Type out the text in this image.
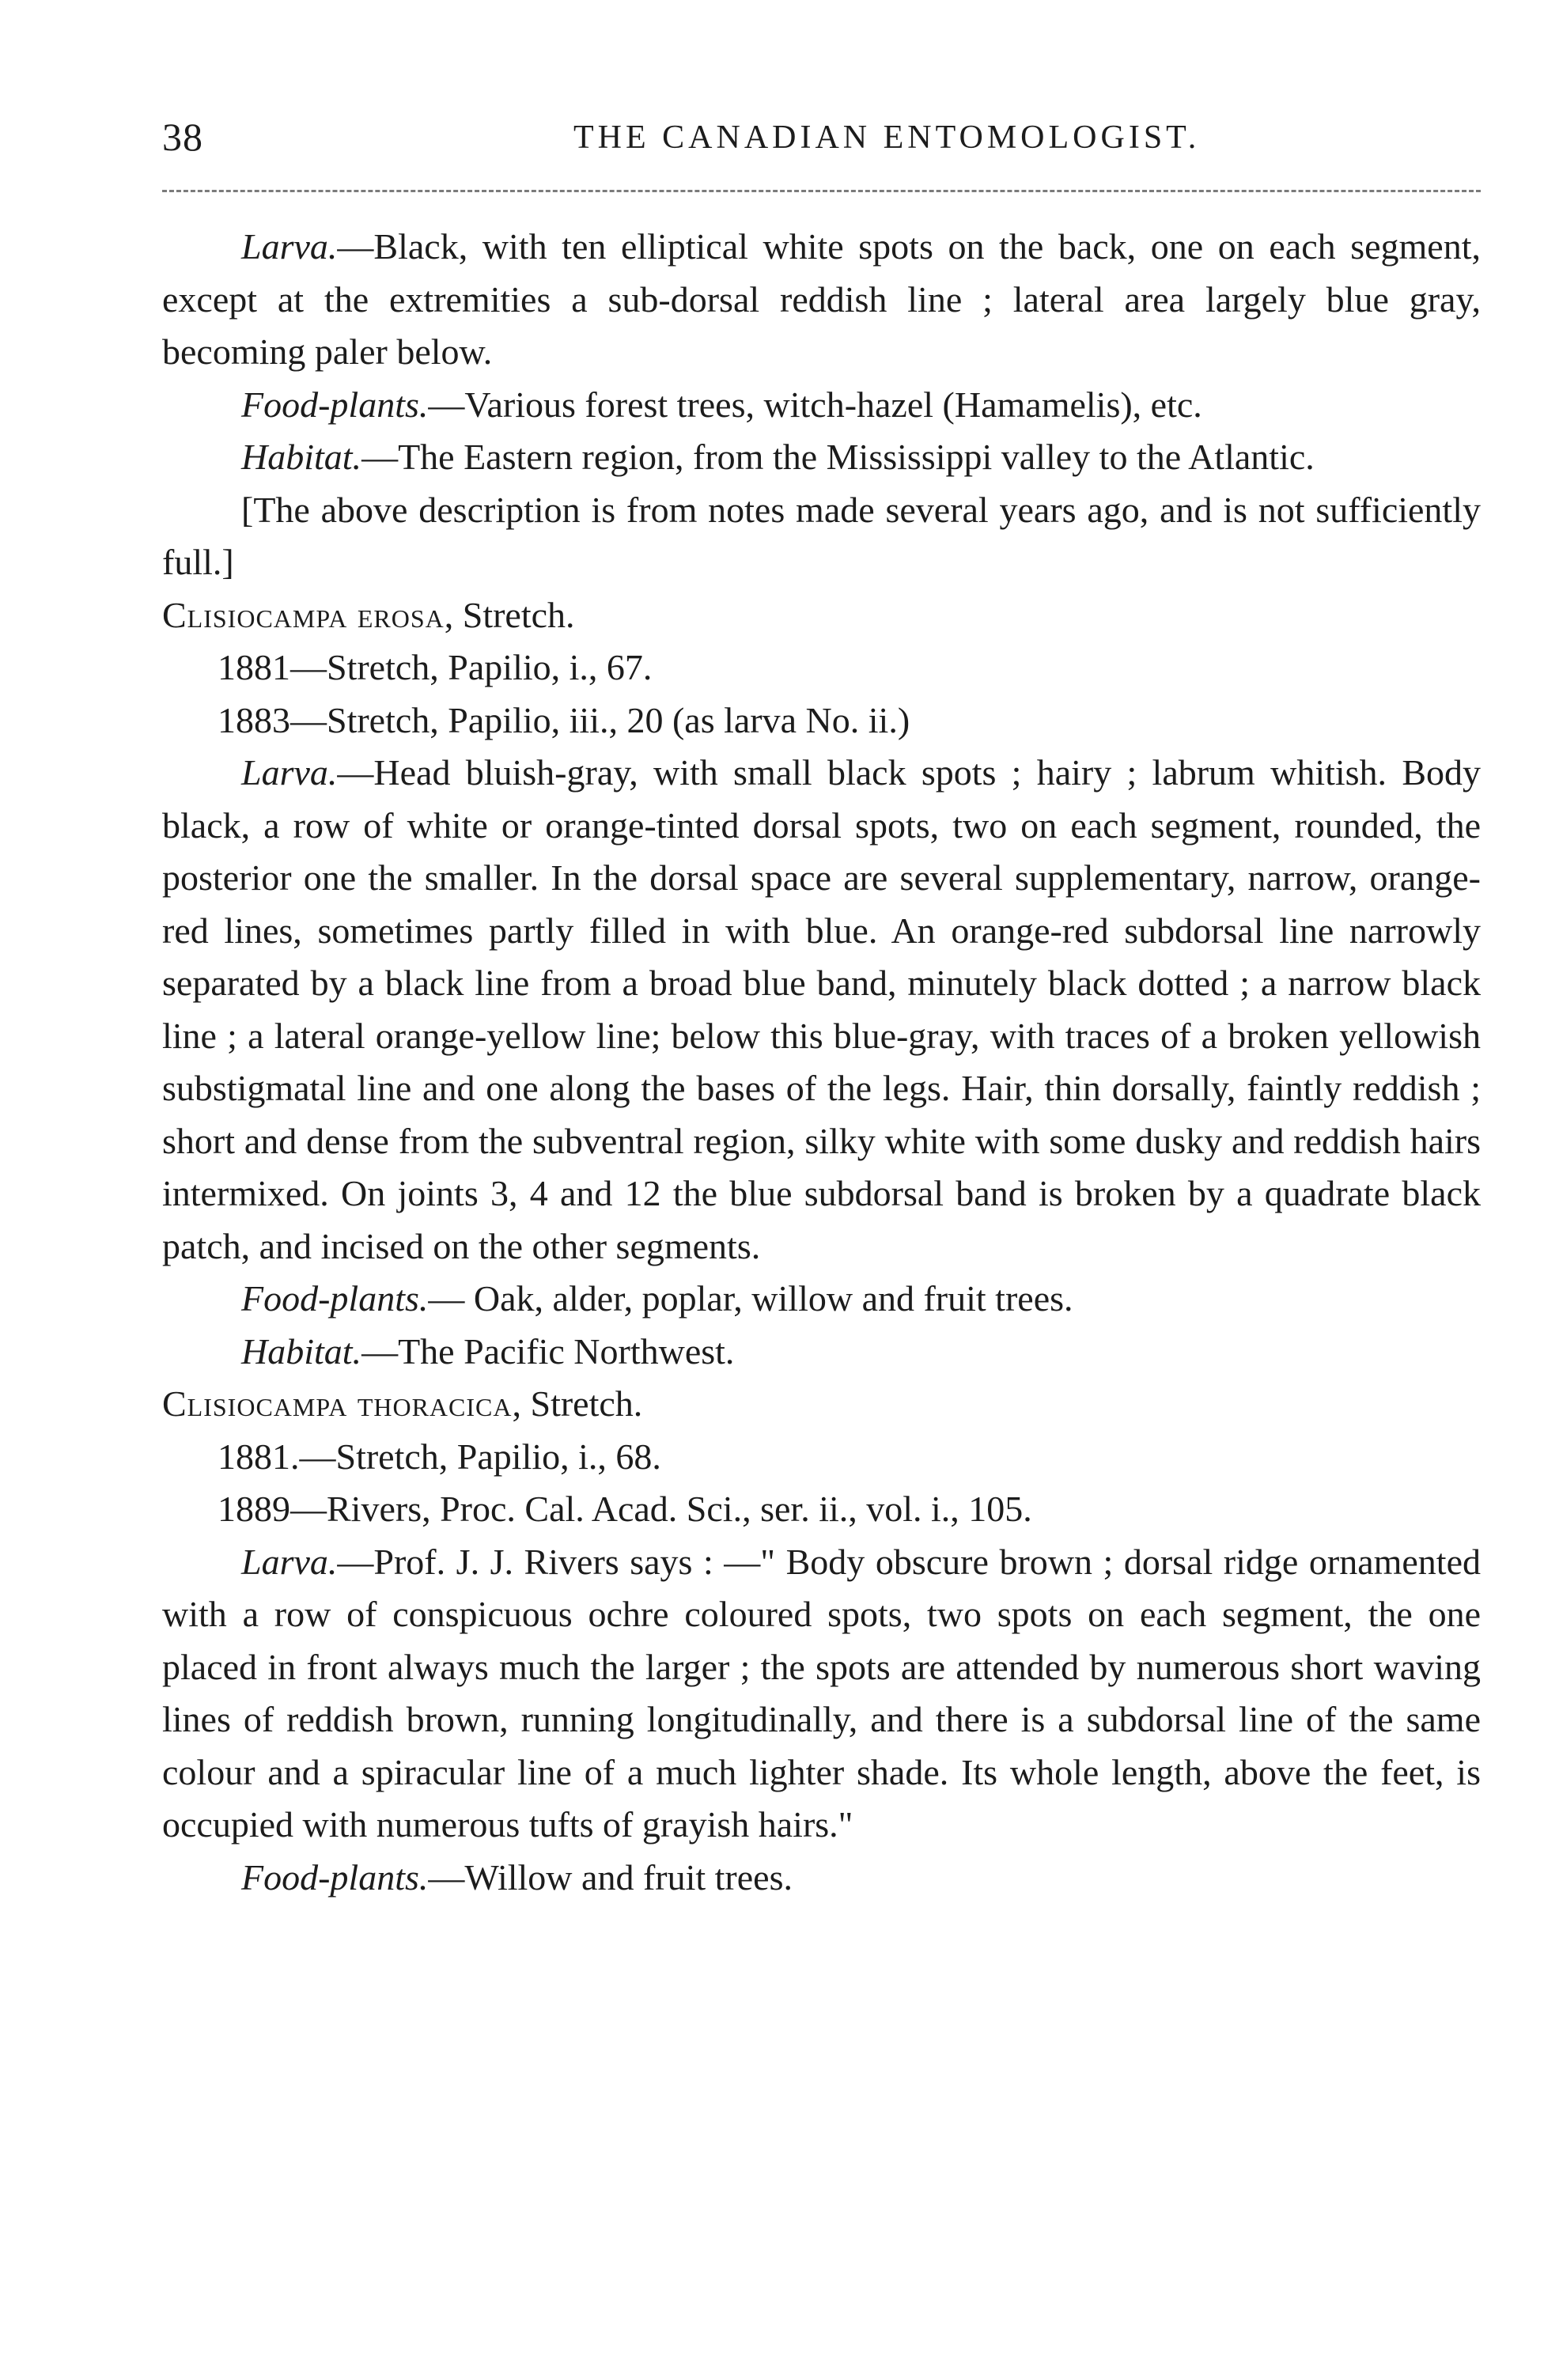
38	THE CANADIAN ENTOMOLOGIST.

Larva.—Black, with ten elliptical white spots on the back, one on each segment, except at the extremities a sub-dorsal reddish line ; lateral area largely blue gray, becoming paler below.

Food-plants.—Various forest trees, witch-hazel (Hamamelis), etc.

Habitat.—The Eastern region, from the Mississippi valley to the Atlantic.

[The above description is from notes made several years ago, and is not sufficiently full.]

Clisiocampa erosa, Stretch.

1881—Stretch, Papilio, i., 67.

1883—Stretch, Papilio, iii., 20 (as larva No. ii.)

Larva.—Head bluish-gray, with small black spots ; hairy ; labrum whitish. Body black, a row of white or orange-tinted dorsal spots, two on each segment, rounded, the posterior one the smaller. In the dorsal space are several supplementary, narrow, orange-red lines, sometimes partly filled in with blue. An orange-red subdorsal line narrowly separated by a black line from a broad blue band, minutely black dotted ; a narrow black line ; a lateral orange-yellow line; below this blue-gray, with traces of a broken yellowish substigmatal line and one along the bases of the legs. Hair, thin dorsally, faintly reddish ; short and dense from the subventral region, silky white with some dusky and reddish hairs intermixed. On joints 3, 4 and 12 the blue subdorsal band is broken by a quadrate black patch, and incised on the other segments.

Food-plants.— Oak, alder, poplar, willow and fruit trees.

Habitat.—The Pacific Northwest.

Clisiocampa thoracica, Stretch.

1881.—Stretch, Papilio, i., 68.

1889—Rivers, Proc. Cal. Acad. Sci., ser. ii., vol. i., 105.

Larva.—Prof. J. J. Rivers says : —" Body obscure brown ; dorsal ridge ornamented with a row of conspicuous ochre coloured spots, two spots on each segment, the one placed in front always much the larger ; the spots are attended by numerous short waving lines of reddish brown, running longitudinally, and there is a subdorsal line of the same colour and a spiracular line of a much lighter shade. Its whole length, above the feet, is occupied with numerous tufts of grayish hairs."

Food-plants.—Willow and fruit trees.
